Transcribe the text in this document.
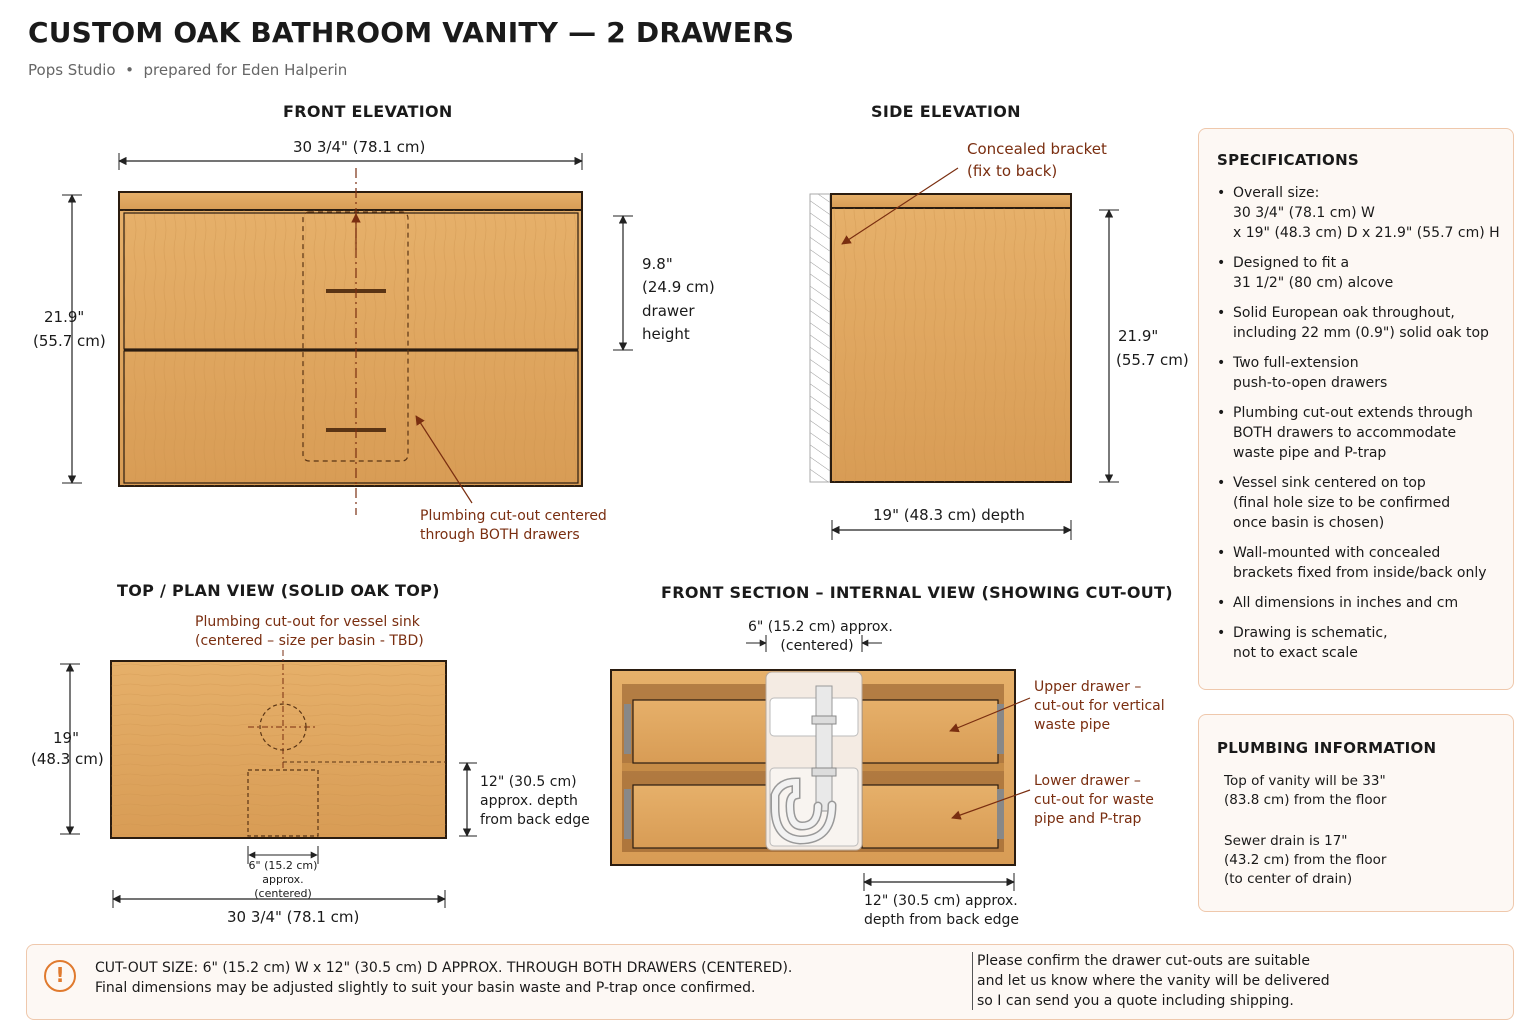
CUSTOM OAK BATHROOM VANITY — 2 DRAWERS
Pops Studio • prepared for Eden Halperin
FRONT ELEVATION
30 3/4" (78.1 cm)
21.9"
(55.7 cm)
9.8"
(24.9 cm)
drawer
height
Plumbing cut-out centered
through BOTH drawers
SIDE ELEVATION
Concealed bracket
(fix to back)
21.9"
(55.7 cm)
19" (48.3 cm) depth
TOP / PLAN VIEW (SOLID OAK TOP)
Plumbing cut-out for vessel sink
(centered – size per basin - TBD)
19"
(48.3 cm)
12" (30.5 cm)
approx. depth
from back edge
6" (15.2 cm)
approx.
(centered)
30 3/4" (78.1 cm)
FRONT SECTION – INTERNAL VIEW (SHOWING CUT-OUT)
6" (15.2 cm) approx.
(centered)
Upper drawer –
cut-out for vertical
waste pipe
Lower drawer –
cut-out for waste
pipe and P-trap
12" (30.5 cm) approx.
depth from back edge
SPECIFICATIONS
• Overall size:
30 3/4" (78.1 cm) W
x 19" (48.3 cm) D x 21.9" (55.7 cm) H
• Designed to fit a
31 1/2" (80 cm) alcove
• Solid European oak throughout,
including 22 mm (0.9") solid oak top
• Two full-extension
push-to-open drawers
• Plumbing cut-out extends through
BOTH drawers to accommodate
waste pipe and P-trap
• Vessel sink centered on top
(final hole size to be confirmed
once basin is chosen)
• Wall-mounted with concealed
brackets fixed from inside/back only
• All dimensions in inches and cm
• Drawing is schematic,
not to exact scale
PLUMBING INFORMATION
Top of vanity will be 33"
(83.8 cm) from the floor
Sewer drain is 17"
(43.2 cm) from the floor
(to center of drain)
!	CUT-OUT SIZE: 6" (15.2 cm) W x 12" (30.5 cm) D APPROX. THROUGH BOTH DRAWERS (CENTERED).
Final dimensions may be adjusted slightly to suit your basin waste and P-trap once confirmed.
Please confirm the drawer cut-outs are suitable
and let us know where the vanity will be delivered
so I can send you a quote including shipping.
